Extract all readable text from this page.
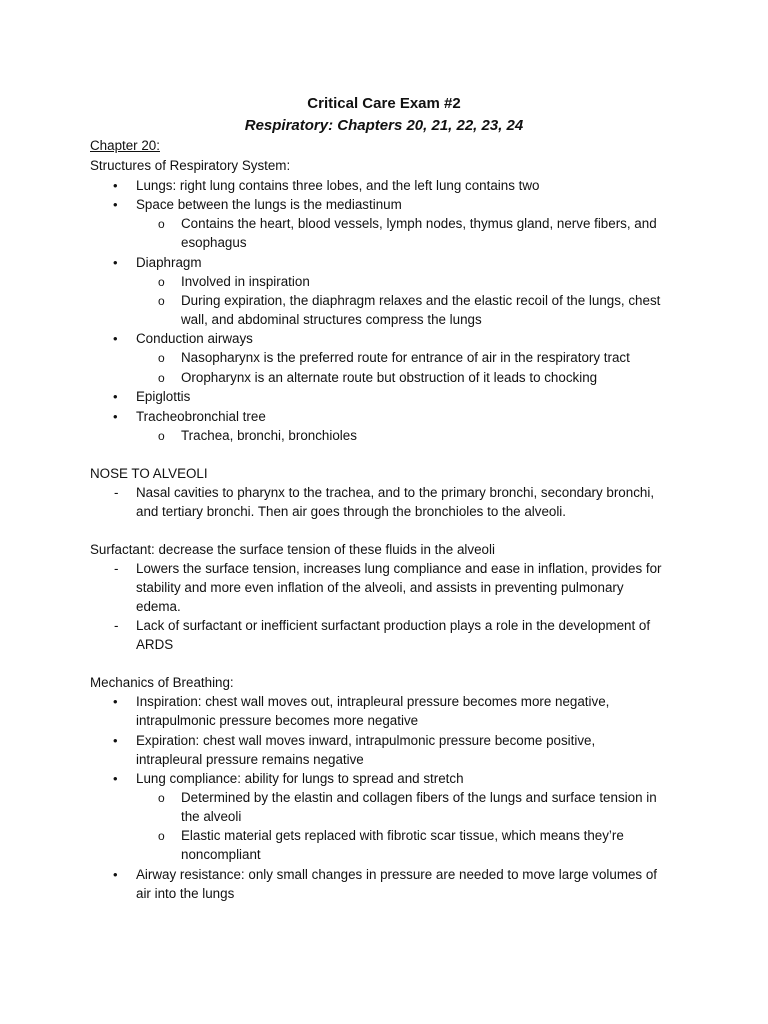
Critical Care Exam #2
Respiratory: Chapters 20, 21, 22, 23, 24
Chapter 20:
Structures of Respiratory System:
• Lungs: right lung contains three lobes, and the left lung contains two
• Space between the lungs is the mediastinum
o Contains the heart, blood vessels, lymph nodes, thymus gland, nerve fibers, and
esophagus
• Diaphragm
o Involved in inspiration
o During expiration, the diaphragm relaxes and the elastic recoil of the lungs, chest
wall, and abdominal structures compress the lungs
• Conduction airways
o Nasopharynx is the preferred route for entrance of air in the respiratory tract
o Oropharynx is an alternate route but obstruction of it leads to chocking
• Epiglottis
• Tracheobronchial tree
o Trachea, bronchi, bronchioles
NOSE TO ALVEOLI
- Nasal cavities to pharynx to the trachea, and to the primary bronchi, secondary bronchi,
and tertiary bronchi. Then air goes through the bronchioles to the alveoli.
Surfactant: decrease the surface tension of these fluids in the alveoli
- Lowers the surface tension, increases lung compliance and ease in inflation, provides for
stability and more even inflation of the alveoli, and assists in preventing pulmonary
edema.
- Lack of surfactant or inefficient surfactant production plays a role in the development of
ARDS
Mechanics of Breathing:
• Inspiration: chest wall moves out, intrapleural pressure becomes more negative,
intrapulmonic pressure becomes more negative
• Expiration: chest wall moves inward, intrapulmonic pressure become positive,
intrapleural pressure remains negative
• Lung compliance: ability for lungs to spread and stretch
o Determined by the elastin and collagen fibers of the lungs and surface tension in
the alveoli
o Elastic material gets replaced with fibrotic scar tissue, which means they’re
noncompliant
• Airway resistance: only small changes in pressure are needed to move large volumes of
air into the lungs
